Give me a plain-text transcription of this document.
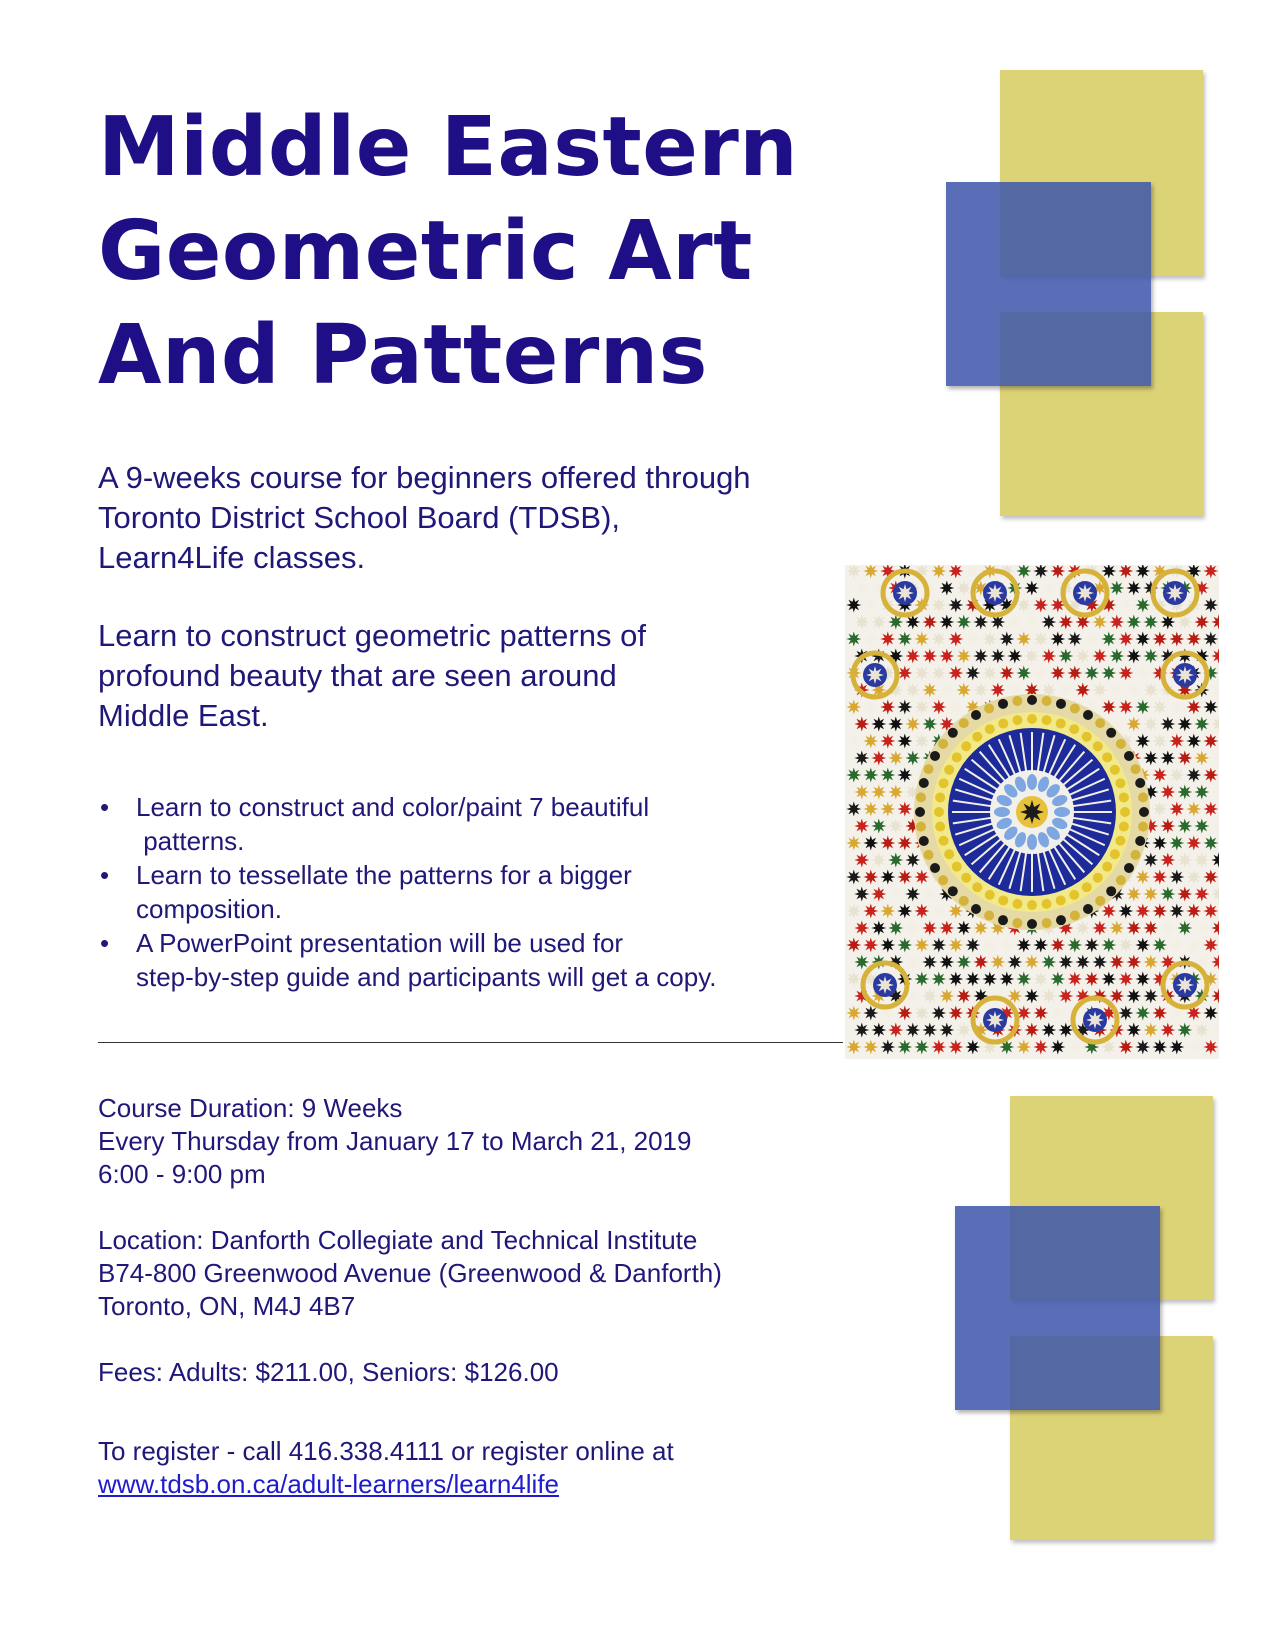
Middle Eastern
Geometric Art
And Patterns

A 9-weeks course for beginners offered through
Toronto District School Board (TDSB),
Learn4Life classes.

Learn to construct geometric patterns of
profound beauty that are seen around
Middle East.

• Learn to construct and color/paint 7 beautiful
patterns.
• Learn to tessellate the patterns for a bigger
composition.
• A PowerPoint presentation will be used for
step-by-step guide and participants will get a copy.

Course Duration: 9 Weeks

Every Thursday from January 17 to March 21, 2019

6:00 - 9:00 pm

Location: Danforth Collegiate and Technical Institute

B74-800 Greenwood Avenue (Greenwood & Danforth)

Toronto, ON, M4J 4B7

Fees: Adults: $211.00, Seniors: $126.00

To register - call 416.338.4111 or register online at

www.tdsb.on.ca/adult-learners/learn4life
